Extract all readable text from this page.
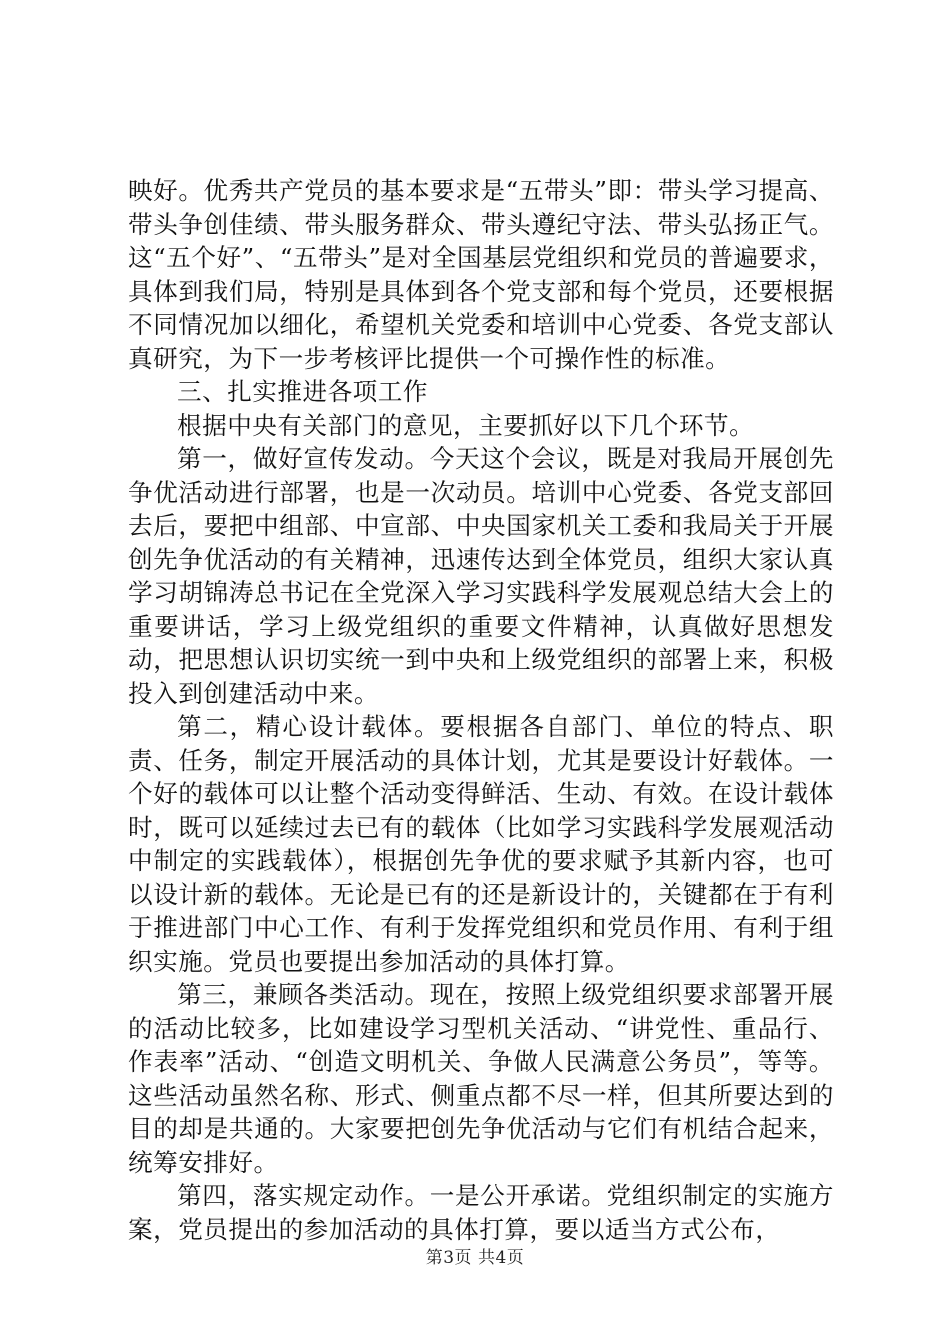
映好。优秀共产党员的基本要求是“五带头”即：带头学习提高、带头争创佳绩、带头服务群众、带头遵纪守法、带头弘扬正气。这“五个好”、“五带头”是对全国基层党组织和党员的普遍要求，具体到我们局，特别是具体到各个党支部和每个党员，还要根据不同情况加以细化，希望机关党委和培训中心党委、各党支部认真研究，为下一步考核评比提供一个可操作性的标准。

三、扎实推进各项工作

根据中央有关部门的意见，主要抓好以下几个环节。

第一，做好宣传发动。今天这个会议，既是对我局开展创先争优活动进行部署，也是一次动员。培训中心党委、各党支部回去后，要把中组部、中宣部、中央国家机关工委和我局关于开展创先争优活动的有关精神，迅速传达到全体党员，组织大家认真学习胡锦涛总书记在全党深入学习实践科学发展观总结大会上的重要讲话，学习上级党组织的重要文件精神，认真做好思想发动，把思想认识切实统一到中央和上级党组织的部署上来，积极投入到创建活动中来。

第二，精心设计载体。要根据各自部门、单位的特点、职责、任务，制定开展活动的具体计划，尤其是要设计好载体。一个好的载体可以让整个活动变得鲜活、生动、有效。在设计载体时，既可以延续过去已有的载体（比如学习实践科学发展观活动中制定的实践载体），根据创先争优的要求赋予其新内容，也可以设计新的载体。无论是已有的还是新设计的，关键都在于有利于推进部门中心工作、有利于发挥党组织和党员作用、有利于组织实施。党员也要提出参加活动的具体打算。

第三，兼顾各类活动。现在，按照上级党组织要求部署开展的活动比较多，比如建设学习型机关活动、“讲党性、重品行、作表率”活动、“创造文明机关、争做人民满意公务员”，等等。这些活动虽然名称、形式、侧重点都不尽一样，但其所要达到的目的却是共通的。大家要把创先争优活动与它们有机结合起来，统筹安排好。

第四，落实规定动作。一是公开承诺。党组织制定的实施方案，党员提出的参加活动的具体打算，要以适当方式公布，

第3页 共4页
